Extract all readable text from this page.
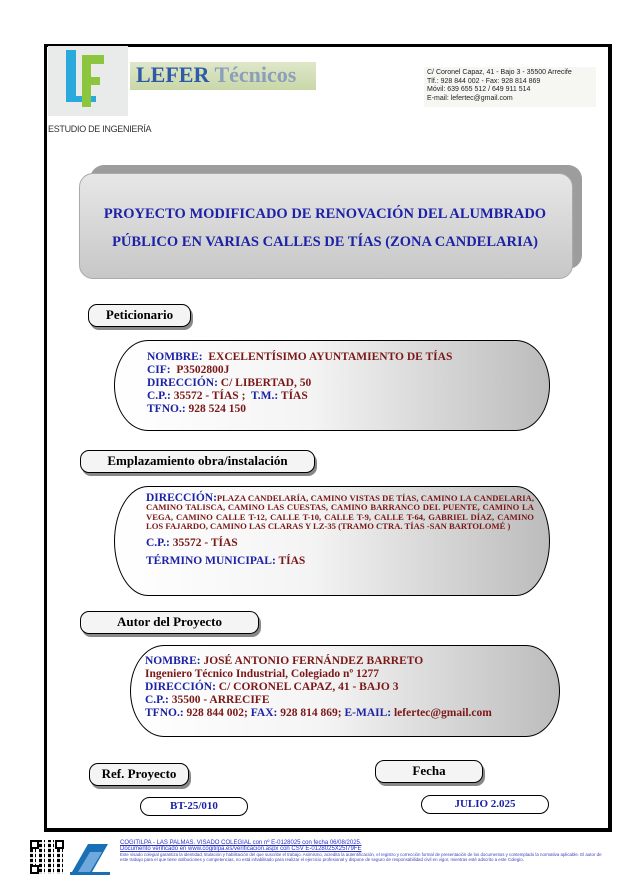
LEFER Técnicos
ESTUDIO DE INGENIERÍA
C/ Coronel Capaz, 41 - Bajo 3 - 35500 Arrecife
Tlf.: 928 844 002 - Fax: 928 814 869
Móvil: 639 655 512 / 649 911 514
E-mail: lefertec@gmail.com
PROYECTO MODIFICADO DE RENOVACIÓN DEL ALUMBRADO
PÚBLICO EN VARIAS CALLES DE TÍAS (ZONA CANDELARIA)
Peticionario
NOMBRE: EXCELENTÍSIMO AYUNTAMIENTO DE TÍAS
CIF: P3502800J
DIRECCIÓN: C/ LIBERTAD, 50
C.P.: 35572 - TÍAS ; T.M.: TÍAS
TFNO.: 928 524 150
Emplazamiento obra/instalación
DIRECCIÓN:PLAZA CANDELARÍA, CAMINO VISTAS DE TÍAS, CAMINO LA CANDELARIA, CAMINO TALISCA, CAMINO LAS CUESTAS, CAMINO BARRANCO DEL PUENTE, CAMINO LA VEGA, CAMINO CALLE T-12, CALLE T-10, CALLE T-9, CALLE T-64, GABRIEL DÍAZ, CAMINO LOS FAJARDO, CAMINO LAS CLARAS Y LZ-35 (TRAMO CTRA. TÍAS -SAN BARTOLOMÉ )
C.P.: 35572 - TÍAS
TÉRMINO MUNICIPAL: TÍAS
Autor del Proyecto
NOMBRE: JOSÉ ANTONIO FERNÁNDEZ BARRETO
Ingeniero Técnico Industrial, Colegiado nº 1277
DIRECCIÓN: C/ CORONEL CAPAZ, 41 - BAJO 3
C.P.: 35500 - ARRECIFE
TFNO.: 928 844 002; FAX: 928 814 869; E-MAIL: lefertec@gmail.com
Ref. Proyecto
BT-25/010
Fecha
JULIO 2.025
COGITILPA - LAS PALMAS. VISADO COLEGIAL con nº E-0128025 con fecha 06/08/2025.
Documento verificado en www.cogitilpa.es/verificacion.aspx con CSV E-0128025X25I79FE
Este visado colegial garantiza la identidad, titulación y habilitación del que suscribe el trabajo. Asimismo, acredita la autentificación, el registro y corrección formal de presentación de los documentos y contemplado la normativa aplicable. El autor de este trabajo para el que tiene atribuciones y competencias, no está inhabilitado para realizar el ejercicio profesional y dispone de seguro de responsabilidad civil en vigor, mientras esté adscrito a este Colegio.
